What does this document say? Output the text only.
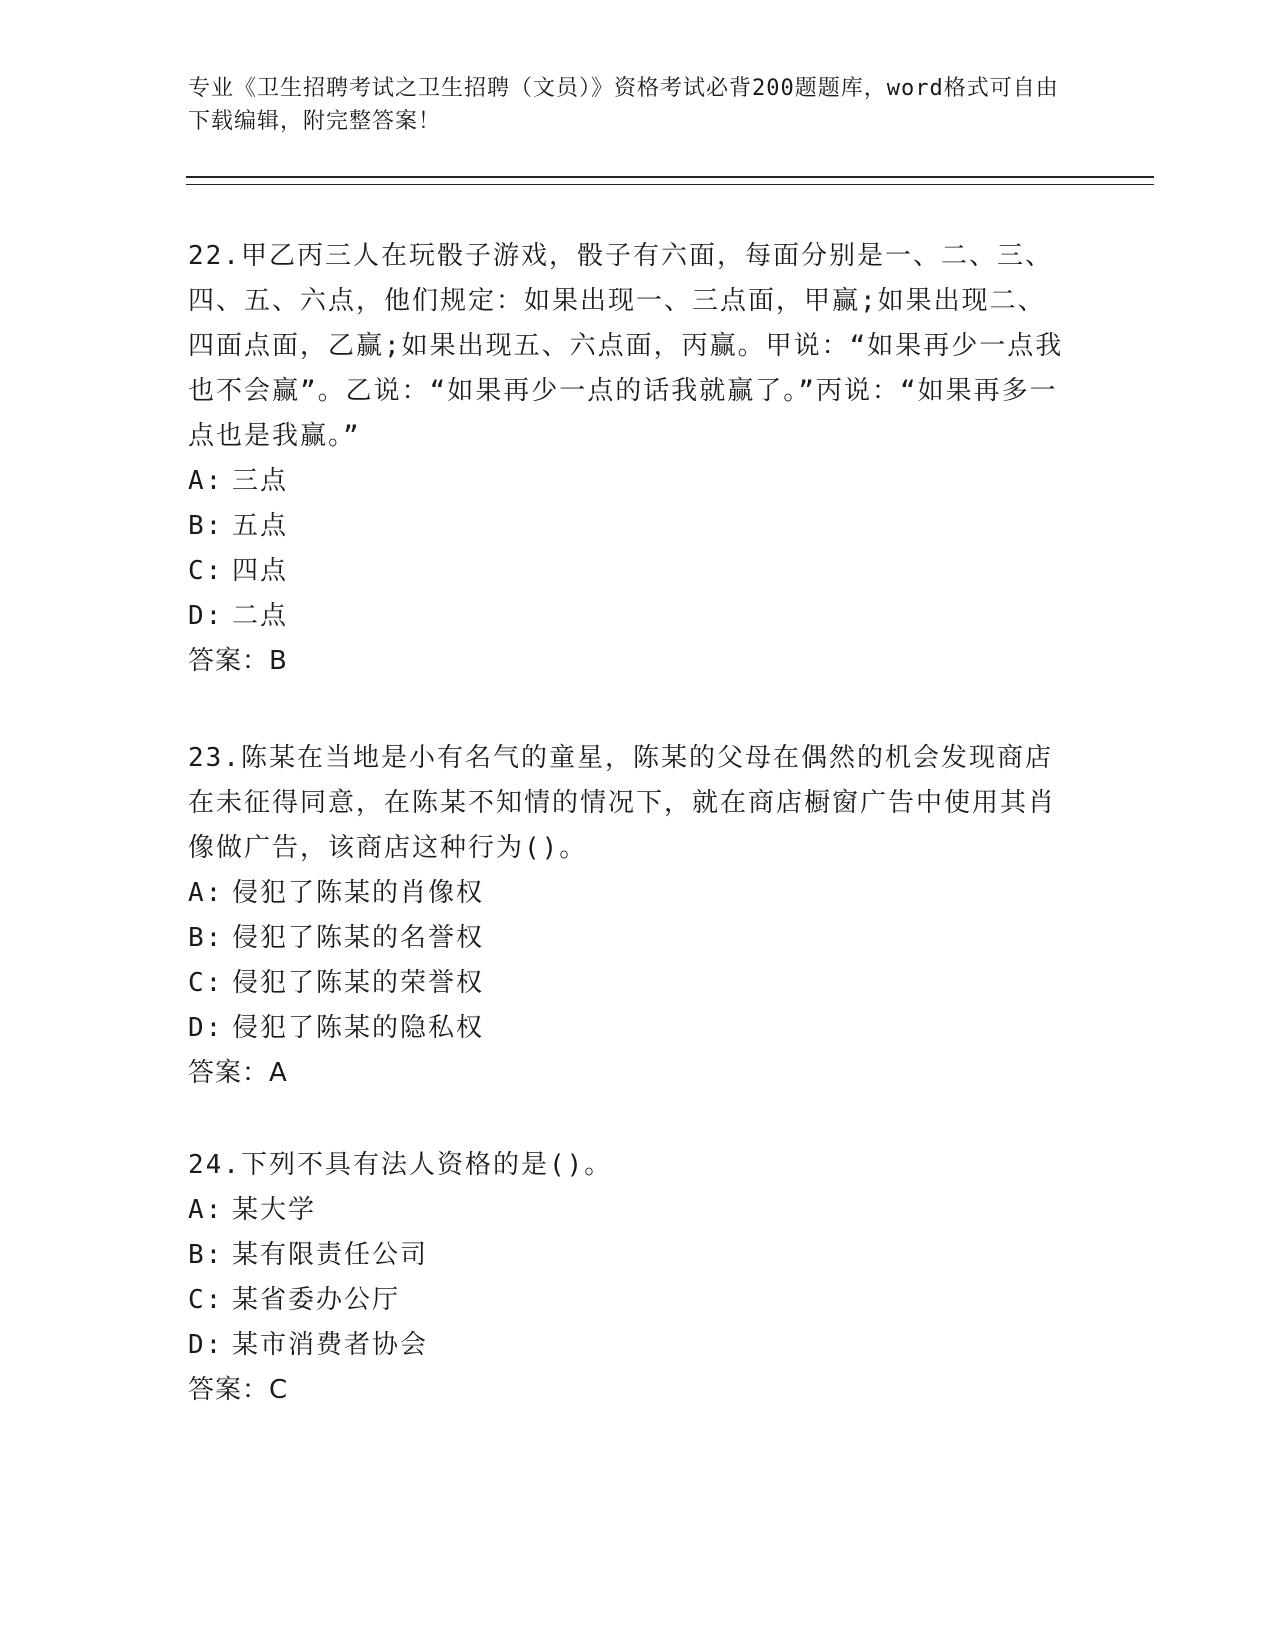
专业《卫生招聘考试之卫生招聘（文员）》资格考试必背200题题库，word格式可自由下载编辑，附完整答案！

22.甲乙丙三人在玩骰子游戏，骰子有六面，每面分别是一、二、三、四、五、六点，他们规定：如果出现一、三点面，甲赢;如果出现二、四面点面，乙赢;如果出现五、六点面，丙赢。甲说：“如果再少一点我也不会赢”。乙说：“如果再少一点的话我就赢了。”丙说：“如果再多一点也是我赢。”

A: 三点

B: 五点

C: 四点

D: 二点

答案：B

23.陈某在当地是小有名气的童星，陈某的父母在偶然的机会发现商店在未征得同意，在陈某不知情的情况下，就在商店橱窗广告中使用其肖像做广告，该商店这种行为()。

A: 侵犯了陈某的肖像权

B: 侵犯了陈某的名誉权

C: 侵犯了陈某的荣誉权

D: 侵犯了陈某的隐私权

答案：A

24.下列不具有法人资格的是()。

A: 某大学

B: 某有限责任公司

C: 某省委办公厅

D: 某市消费者协会

答案：C
